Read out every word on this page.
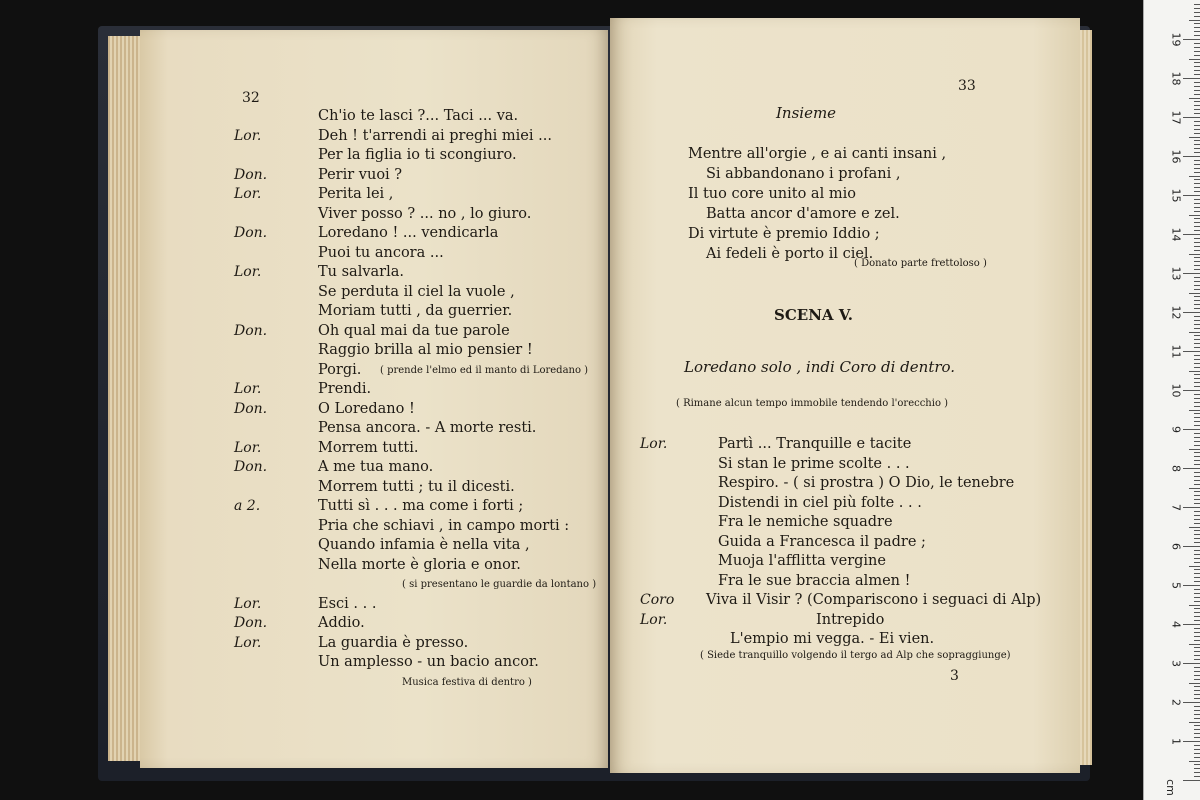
32
Ch'io te lasci ?... Taci ... va.
Lor.	Deh ! t'arrendi ai preghi miei ...
Per la figlia io ti scongiuro.
Don.	Perir vuoi ?
Lor.	Perita lei ,
Viver posso ? ... no , lo giuro.
Don.	Loredano ! ... vendicarla
Puoi tu ancora ...
Lor.	Tu salvarla.
Se perduta il ciel la vuole ,
Moriam tutti , da guerrier.
Don.	Oh qual mai da tue parole
Raggio brilla al mio pensier !
Porgi. ( prende l'elmo ed il manto di Loredano )
Lor.	Prendi.
Don.	O Loredano !
Pensa ancora. - A morte resti.
Lor.	Morrem tutti.
Don.	A me tua mano.
Morrem tutti ; tu il dicesti.
a 2.	Tutti sì . . . ma come i forti ;
Pria che schiavi , in campo morti :
Quando infamia è nella vita ,
Nella morte è gloria e onor.
( si presentano le guardie da lontano )
Lor.	Esci . . .
Don.	Addio.
Lor.	La guardia è presso.
Un amplesso - un bacio ancor.
Musica festiva di dentro )
33
Insieme
Mentre all'orgie , e ai canti insani ,
Si abbandonano i profani ,
Il tuo core unito al mio
Batta ancor d'amore e zel.
Di virtute è premio Iddio ;
Ai fedeli è porto il ciel.
( Donato parte frettoloso )
SCENA V.
Loredano solo , indi Coro di dentro.
( Rimane alcun tempo immobile tendendo l'orecchio )
Lor.	Partì ... Tranquille e tacite
Si stan le prime scolte . . .
Respiro. - ( si prostra ) O Dio, le tenebre
Distendi in ciel più folte . . .
Fra le nemiche squadre
Guida a Francesca il padre ;
Muoja l'afflitta vergine
Fra le sue braccia almen !
Coro Viva il Visir ? (Compariscono i seguaci di Alp)
Lor.	Intrepido
L'empio mi vegga. - Ei vien.
( Siede tranquillo volgendo il tergo ad Alp che sopraggiunge)
3
cm
1
2
3
4
5
6
7
8
9
10
11
12
13
14
15
16
17
18
19
